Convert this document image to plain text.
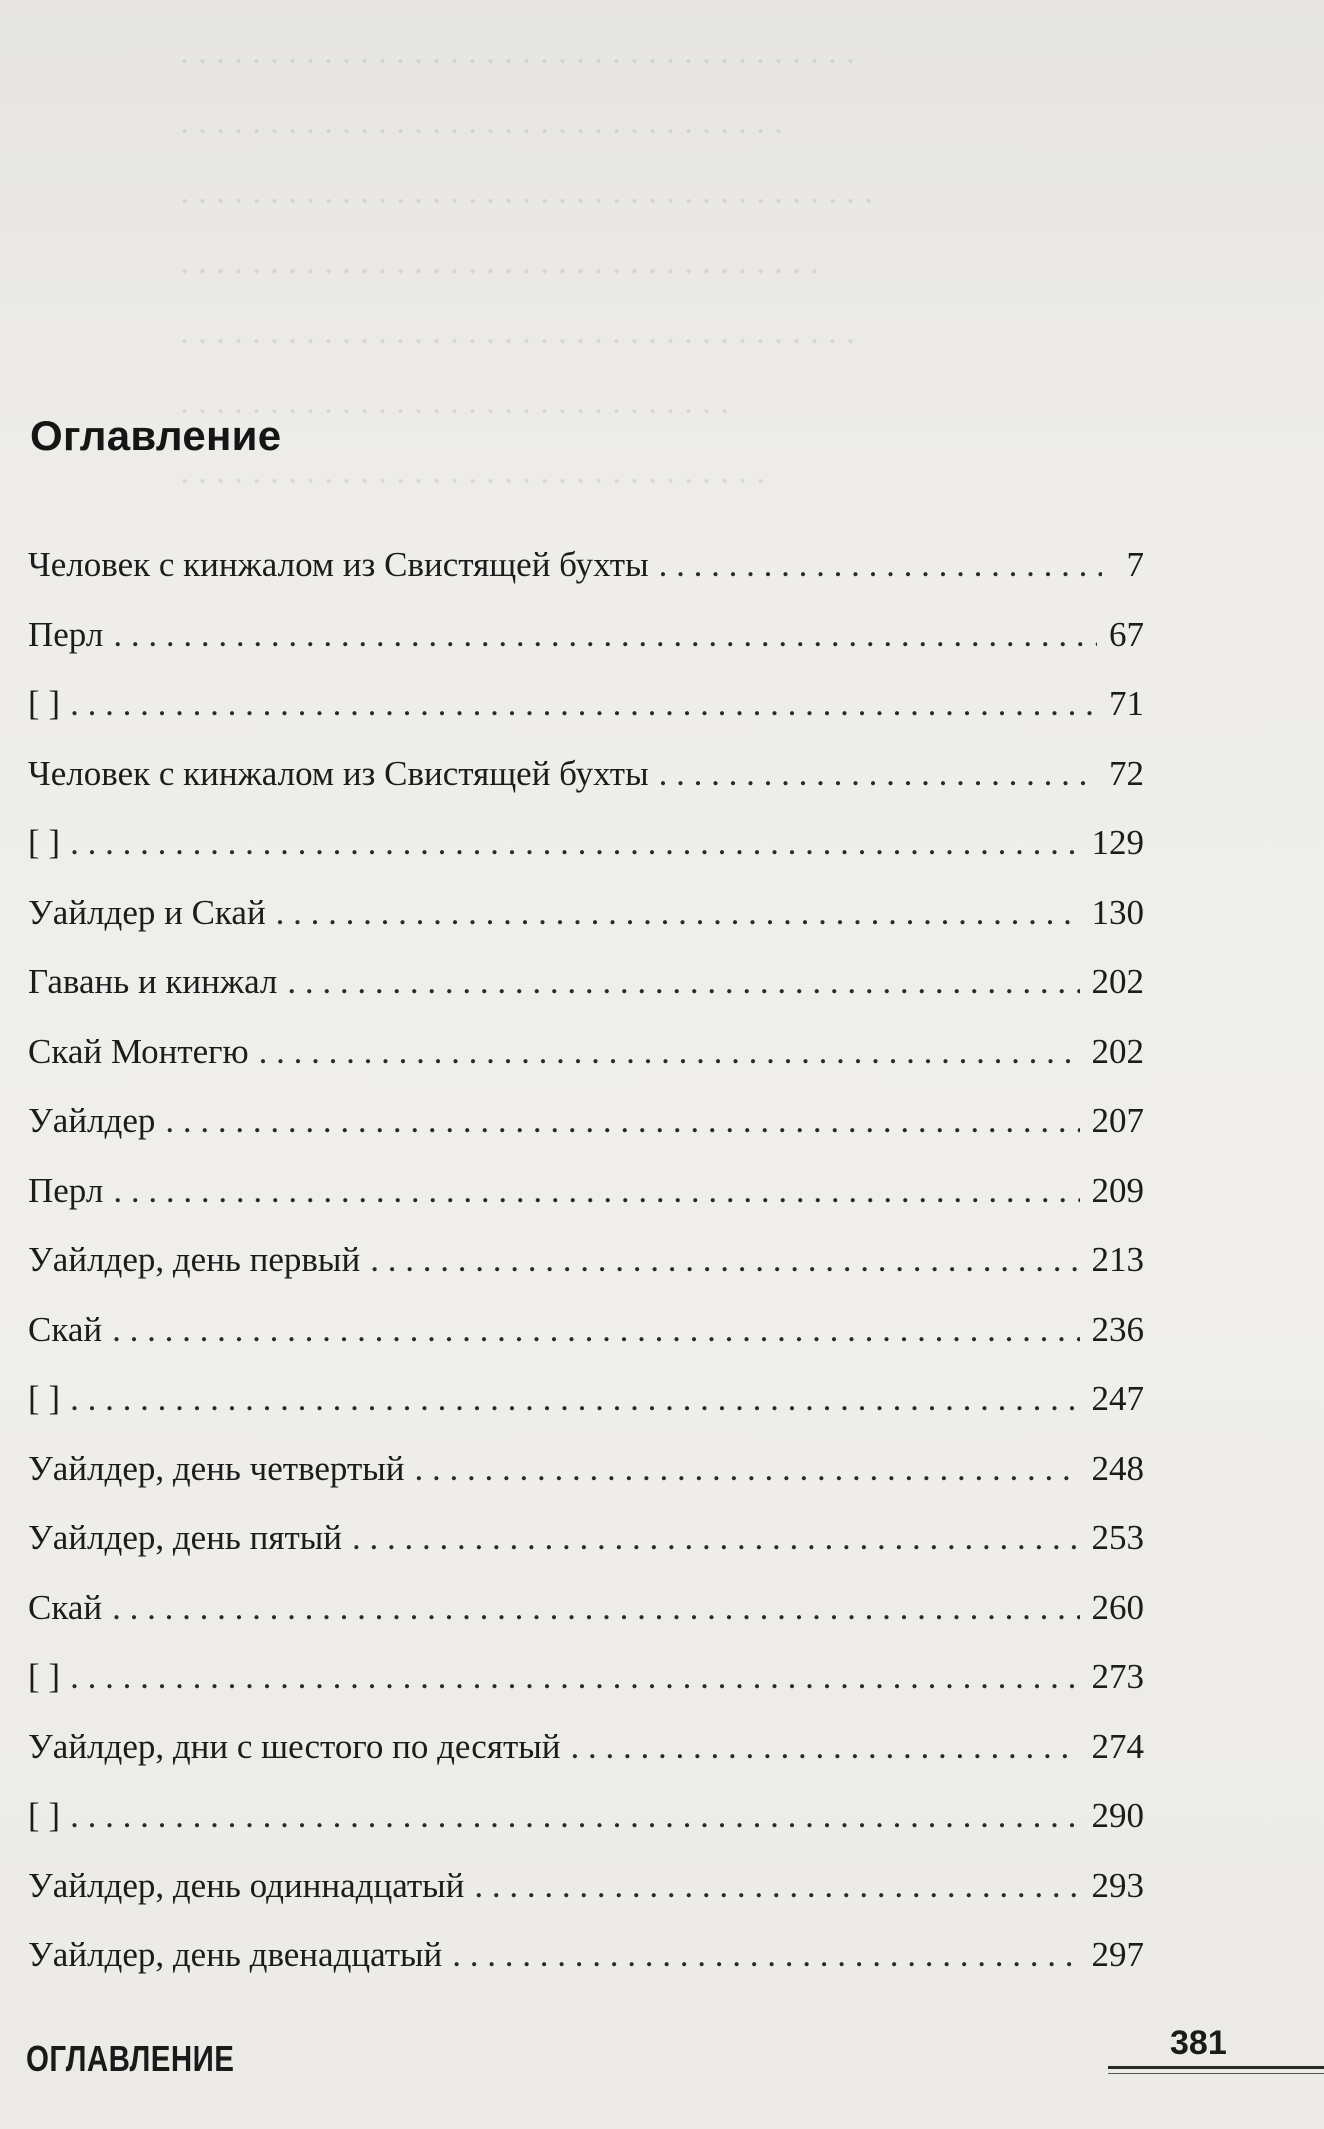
. . . . . . . . . . . . . . . . . . . . . . . . . . . . . . . . . . . . . .
. . . . . . . . . . . . . . . . . . . . . . . . . . . . . . . . . .
. . . . . . . . . . . . . . . . . . . . . . . . . . . . . . . . . . . . . . .
. . . . . . . . . . . . . . . . . . . . . . . . . . . . . . . . . . . .
. . . . . . . . . . . . . . . . . . . . . . . . . . . . . . . . . . . . . .
. . . . . . . . . . . . . . . . . . . . . . . . . . . . . . .
. . . . . . . . . . . . . . . . . . . . . . . . . . . . . . . . .
Оглавление
Человек с кинжалом из Свистящей бухты . . .	7
Перл . . .	67
[ ] . . .	71
Человек с кинжалом из Свистящей бухты . . .	72
[ ] . . .	129
Уайлдер и Скай . . .	130
Гавань и кинжал . . .	202
Скай Монтегю . . .	202
Уайлдер . . .	207
Перл . . .	209
Уайлдер, день первый . . .	213
Скай . . .	236
[ ] . . .	247
Уайлдер, день четвертый . . .	248
Уайлдер, день пятый . . .	253
Скай . . .	260
[ ] . . .	273
Уайлдер, дни с шестого по десятый . . .	274
[ ] . . .	290
Уайлдер, день одиннадцатый . . .	293
Уайлдер, день двенадцатый . . .	297
ОГЛАВЛЕНИЕ	381
